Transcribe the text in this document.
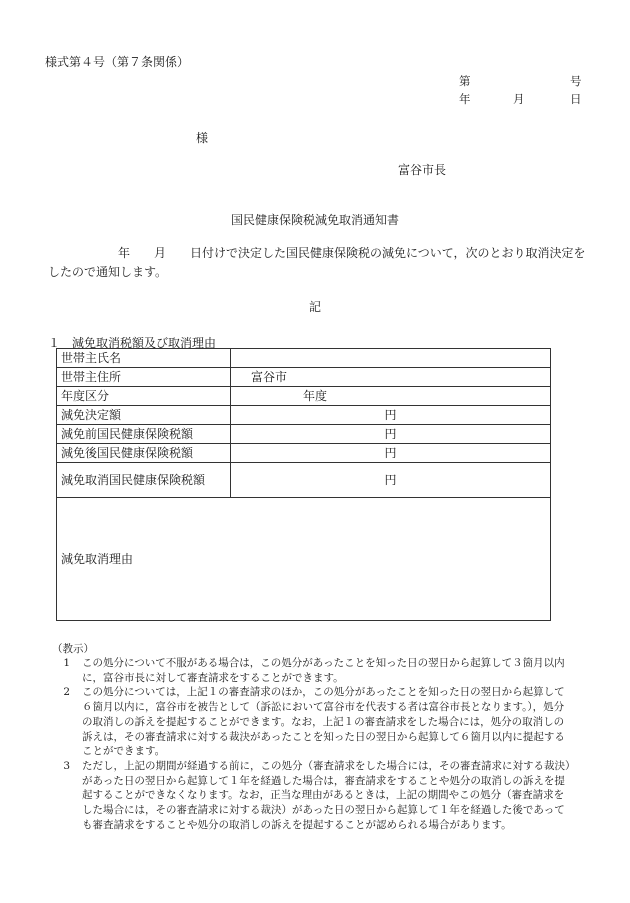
様式第４号（第７条関係）
第	号
年	月	日
様
富谷市長
国民健康保険税減免取消通知書
年 月 日付けで決定した国民健康保険税の減免について，次のとおり取消決定をしたので通知します。
記
１　減免取消税額及び取消理由
世帯主氏名	
世帯主住所	富谷市
年度区分	年度
減免決定額	円
減免前国民健康保険税額	円
減免後国民健康保険税額	円
減免取消国民健康保険税額	円
減免取消理由	
（教示）
1	この処分について不服がある場合は，この処分があったことを知った日の翌日から起算して３箇月以内に，富谷市長に対して審査請求をすることができます。
2	この処分については，上記１の審査請求のほか，この処分があったことを知った日の翌日から起算して６箇月以内に，富谷市を被告として（訴訟において富谷市を代表する者は富谷市長となります。），処分の取消しの訴えを提起することができます。なお，上記１の審査請求をした場合には，処分の取消しの訴えは，その審査請求に対する裁決があったことを知った日の翌日から起算して６箇月以内に提起することができます。
3	ただし，上記の期間が経過する前に，この処分（審査請求をした場合には，その審査請求に対する裁決）があった日の翌日から起算して１年を経過した場合は，審査請求をすることや処分の取消しの訴えを提起することができなくなります。なお，正当な理由があるときは，上記の期間やこの処分（審査請求をした場合には，その審査請求に対する裁決）があった日の翌日から起算して１年を経過した後であっても審査請求をすることや処分の取消しの訴えを提起することが認められる場合があります。
